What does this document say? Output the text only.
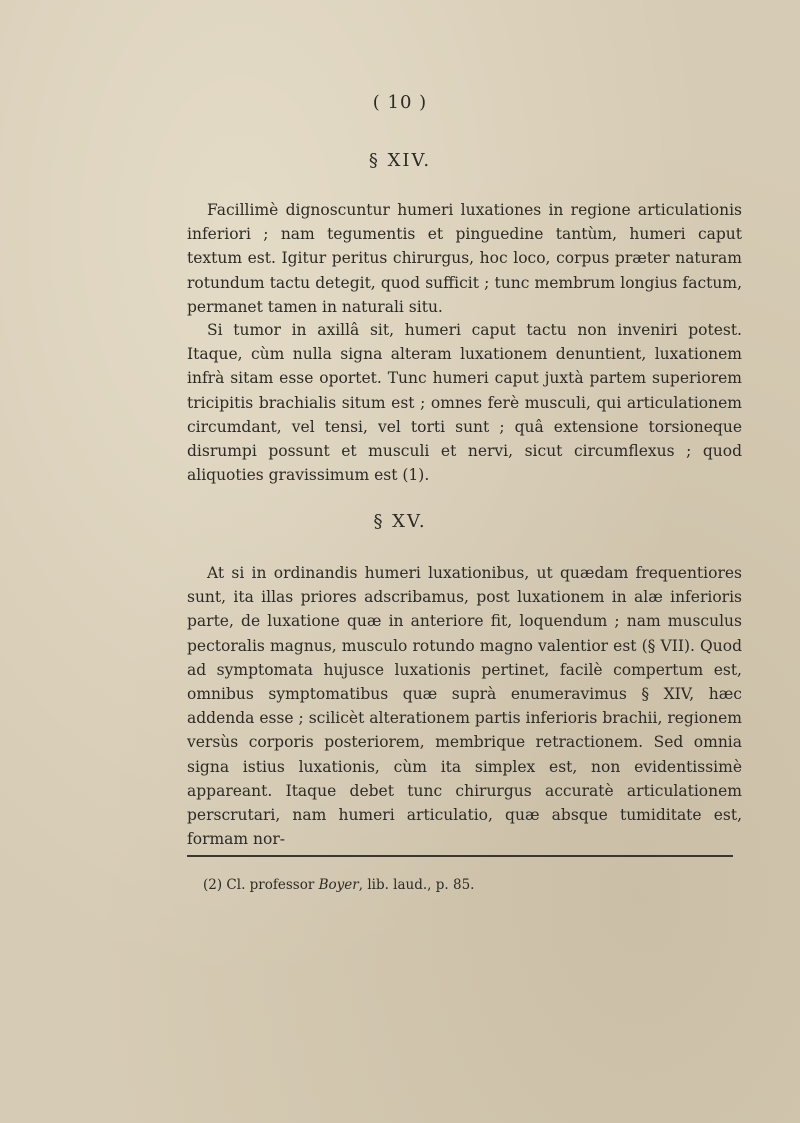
( 10 )
§ XIV.

Facillimè dignoscuntur humeri luxationes in regione articulationis inferiori ; nam tegumentis et pinguedine tantùm, humeri caput textum est. Igitur peritus chirurgus, hoc loco, corpus præter naturam rotundum tactu detegit, quod sufficit ; tunc membrum longius factum, permanet tamen in naturali situ.

Si tumor in axillâ sit, humeri caput tactu non inveniri potest. Itaque, cùm nulla signa alteram luxationem denuntient, luxationem infrà sitam esse oportet. Tunc humeri caput juxtà partem superiorem tricipitis brachialis situm est ; omnes ferè musculi, qui articulationem circumdant, vel tensi, vel torti sunt ; quâ extensione torsioneque disrumpi possunt et musculi et nervi, sicut circumflexus ; quod aliquoties gravissimum est (1).

§ XV.

At si in ordinandis humeri luxationibus, ut quædam frequentiores sunt, ita illas priores adscribamus, post luxationem in alæ inferioris parte, de luxatione quæ in anteriore fit, loquendum ; nam musculus pectoralis magnus, musculo rotundo magno valentior est (§ VII). Quod ad symptomata hujusce luxationis pertinet, facilè compertum est, omnibus symptomatibus quæ suprà enumeravimus § XIV, hæc addenda esse ; scilicèt alterationem partis inferioris brachii, regionem versùs corporis posteriorem, membrique retractionem. Sed omnia signa istius luxationis, cùm ita simplex est, non evidentissimè appareant. Itaque debet tunc chirurgus accuratè articulationem perscrutari, nam humeri articulatio, quæ absque tumiditate est, formam nor-

(2) Cl. professor Boyer, lib. laud., p. 85.
